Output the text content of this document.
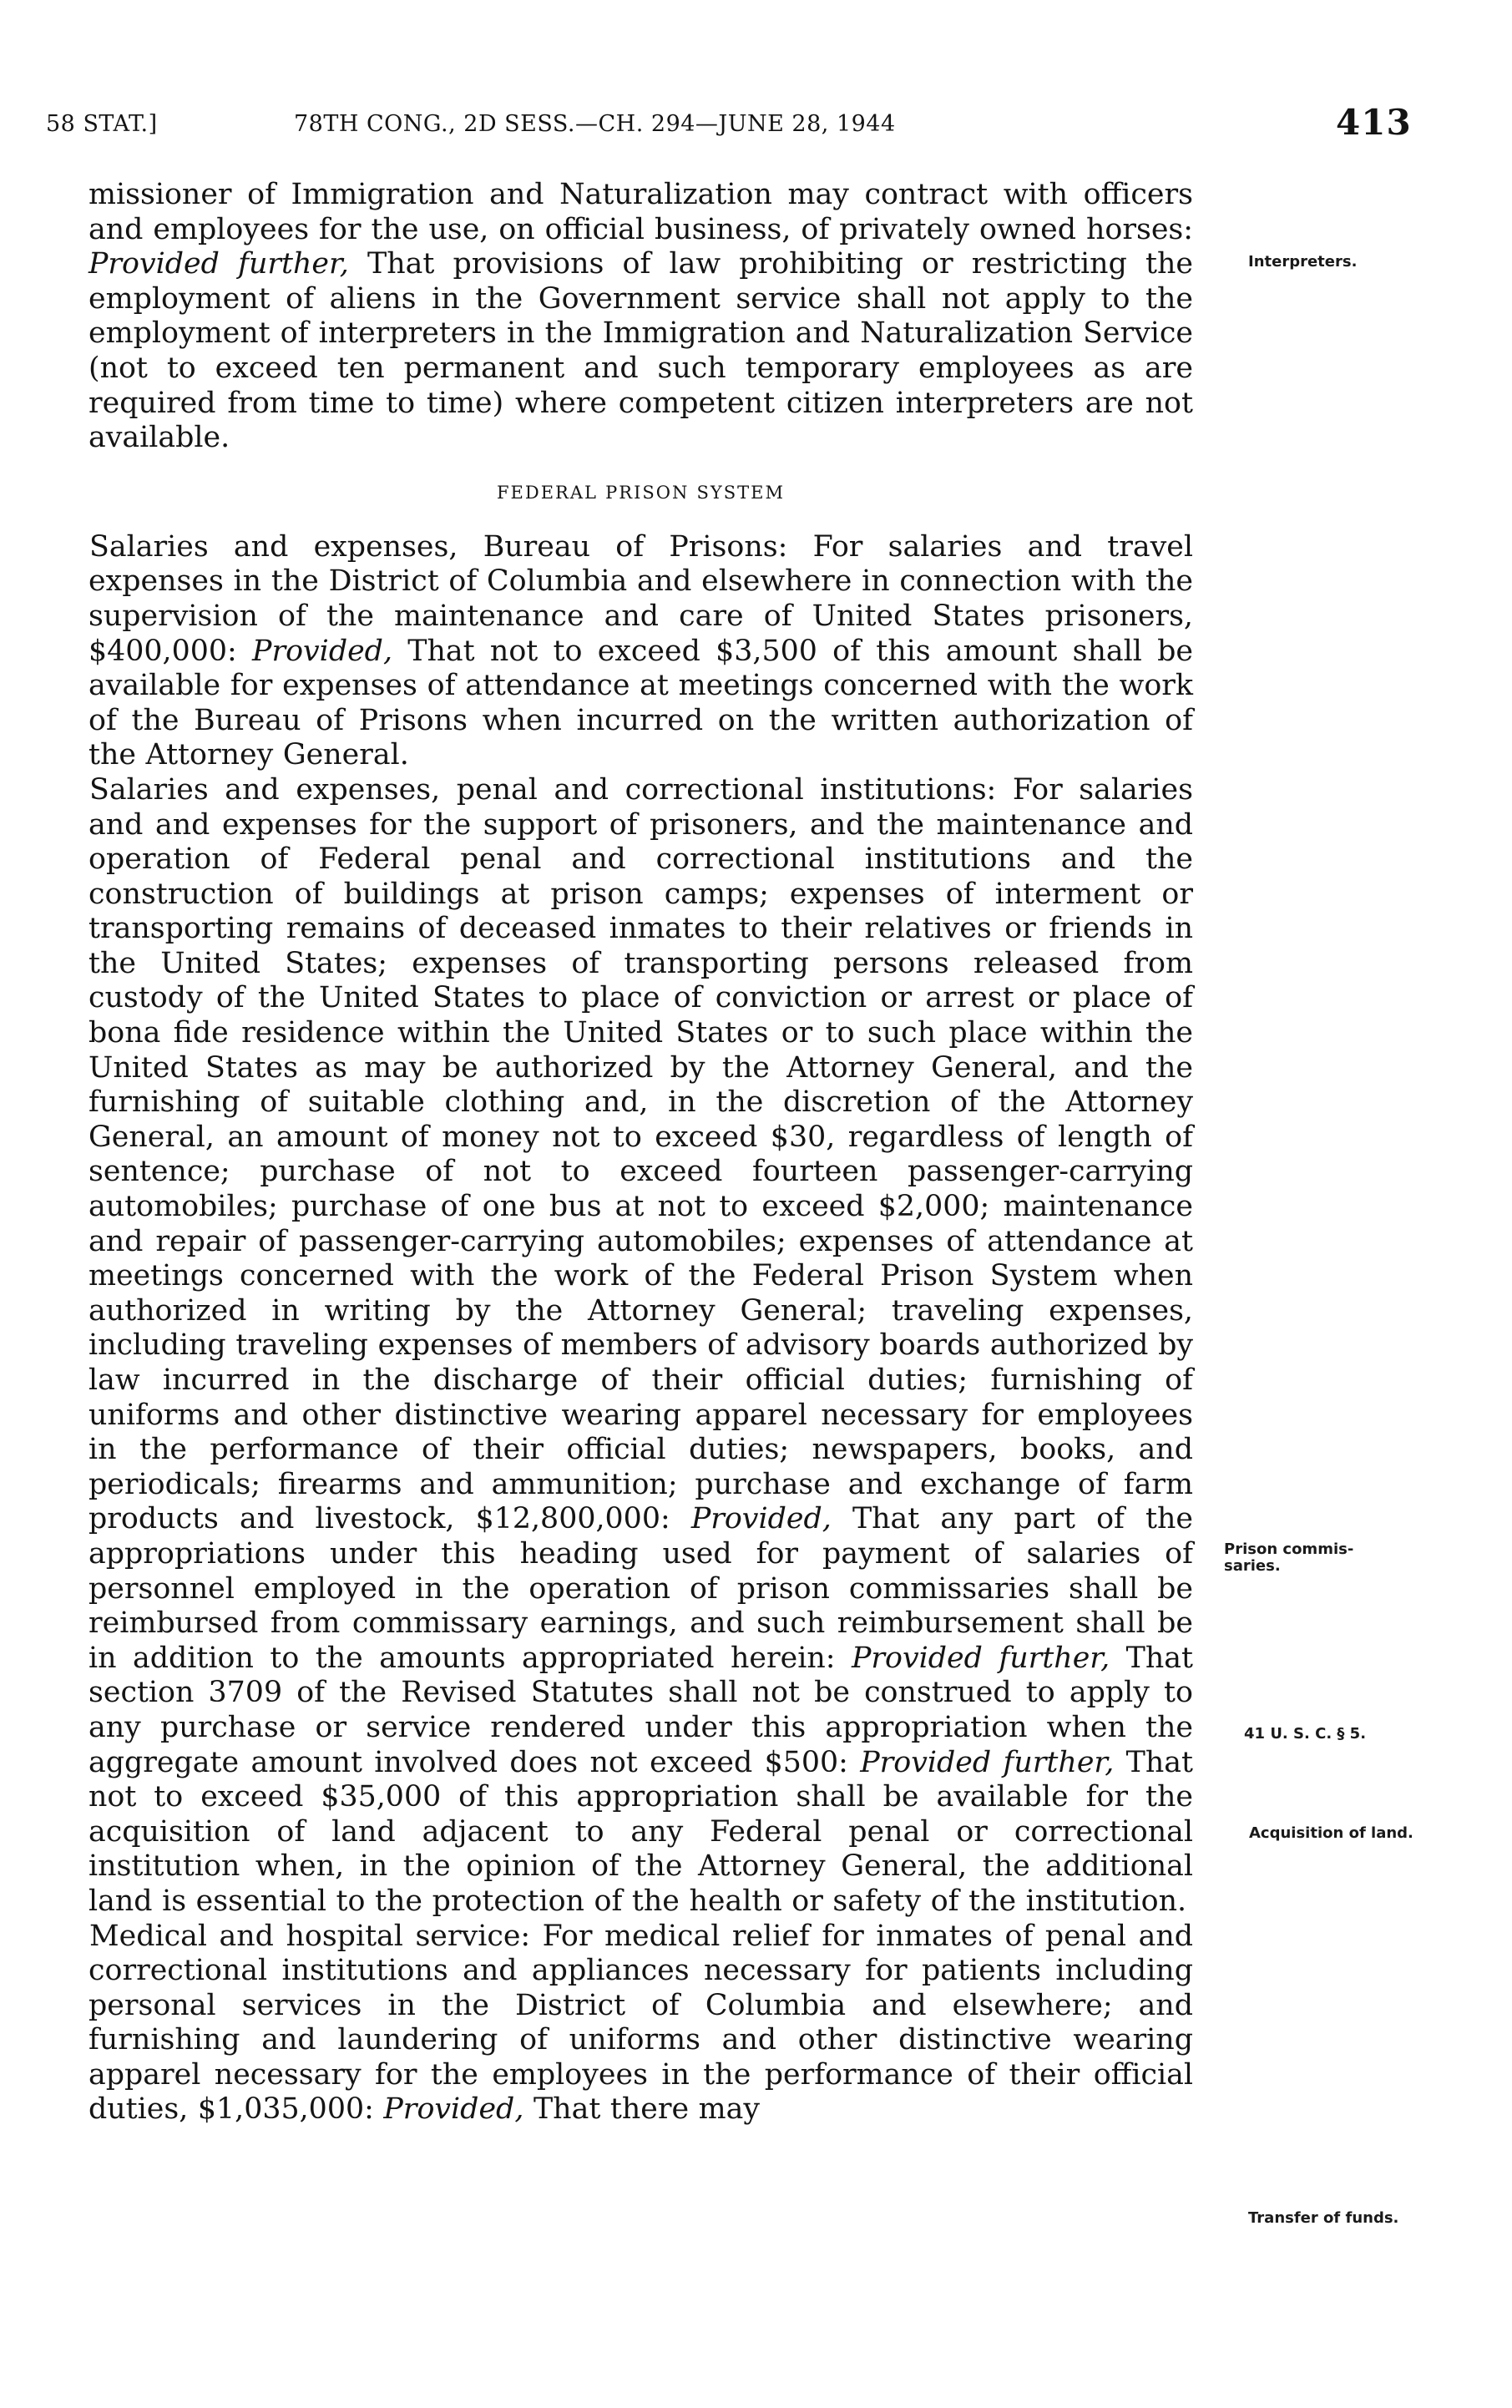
58 STAT.]	78TH CONG., 2D SESS.—CH. 294—JUNE 28, 1944	413

missioner of Immigration and Naturalization may contract with officers and employees for the use, on official business, of privately owned horses: Provided further, That provisions of law prohibiting or restricting the employment of aliens in the Government service shall not apply to the employment of interpreters in the Immigration and Naturalization Service (not to exceed ten permanent and such temporary employees as are required from time to time) where competent citizen interpreters are not available.

FEDERAL PRISON SYSTEM

Salaries and expenses, Bureau of Prisons: For salaries and travel expenses in the District of Columbia and elsewhere in connection with the supervision of the maintenance and care of United States prisoners, $400,000: Provided, That not to exceed $3,500 of this amount shall be available for expenses of attendance at meetings concerned with the work of the Bureau of Prisons when incurred on the written authorization of the Attorney General.

Salaries and expenses, penal and correctional institutions: For salaries and and expenses for the support of prisoners, and the maintenance and operation of Federal penal and correctional institutions and the construction of buildings at prison camps; expenses of interment or transporting remains of deceased inmates to their relatives or friends in the United States; expenses of transporting persons released from custody of the United States to place of conviction or arrest or place of bona fide residence within the United States or to such place within the United States as may be authorized by the Attorney General, and the furnishing of suitable clothing and, in the discretion of the Attorney General, an amount of money not to exceed $30, regardless of length of sentence; purchase of not to exceed fourteen passenger-carrying automobiles; purchase of one bus at not to exceed $2,000; maintenance and repair of passenger-carrying automobiles; expenses of attendance at meetings concerned with the work of the Federal Prison System when authorized in writing by the Attorney General; traveling expenses, including traveling expenses of members of advisory boards authorized by law incurred in the discharge of their official duties; furnishing of uniforms and other distinctive wearing apparel necessary for employees in the performance of their official duties; newspapers, books, and periodicals; firearms and ammunition; purchase and exchange of farm products and livestock, $12,800,000: Provided, That any part of the appropriations under this heading used for payment of salaries of personnel employed in the operation of prison commissaries shall be reimbursed from commissary earnings, and such reimbursement shall be in addition to the amounts appropriated herein: Provided further, That section 3709 of the Revised Statutes shall not be construed to apply to any purchase or service rendered under this appropriation when the aggregate amount involved does not exceed $500: Provided further, That not to exceed $35,000 of this appropriation shall be available for the acquisition of land adjacent to any Federal penal or correctional institution when, in the opinion of the Attorney General, the additional land is essential to the protection of the health or safety of the institution.

Medical and hospital service: For medical relief for inmates of penal and correctional institutions and appliances necessary for patients including personal services in the District of Columbia and elsewhere; and furnishing and laundering of uniforms and other distinctive wearing apparel necessary for the employees in the performance of their official duties, $1,035,000: Provided, That there may

Interpreters.
Prison commis-
saries.
41 U. S. C. § 5.
Acquisition of land.
Transfer of funds.
